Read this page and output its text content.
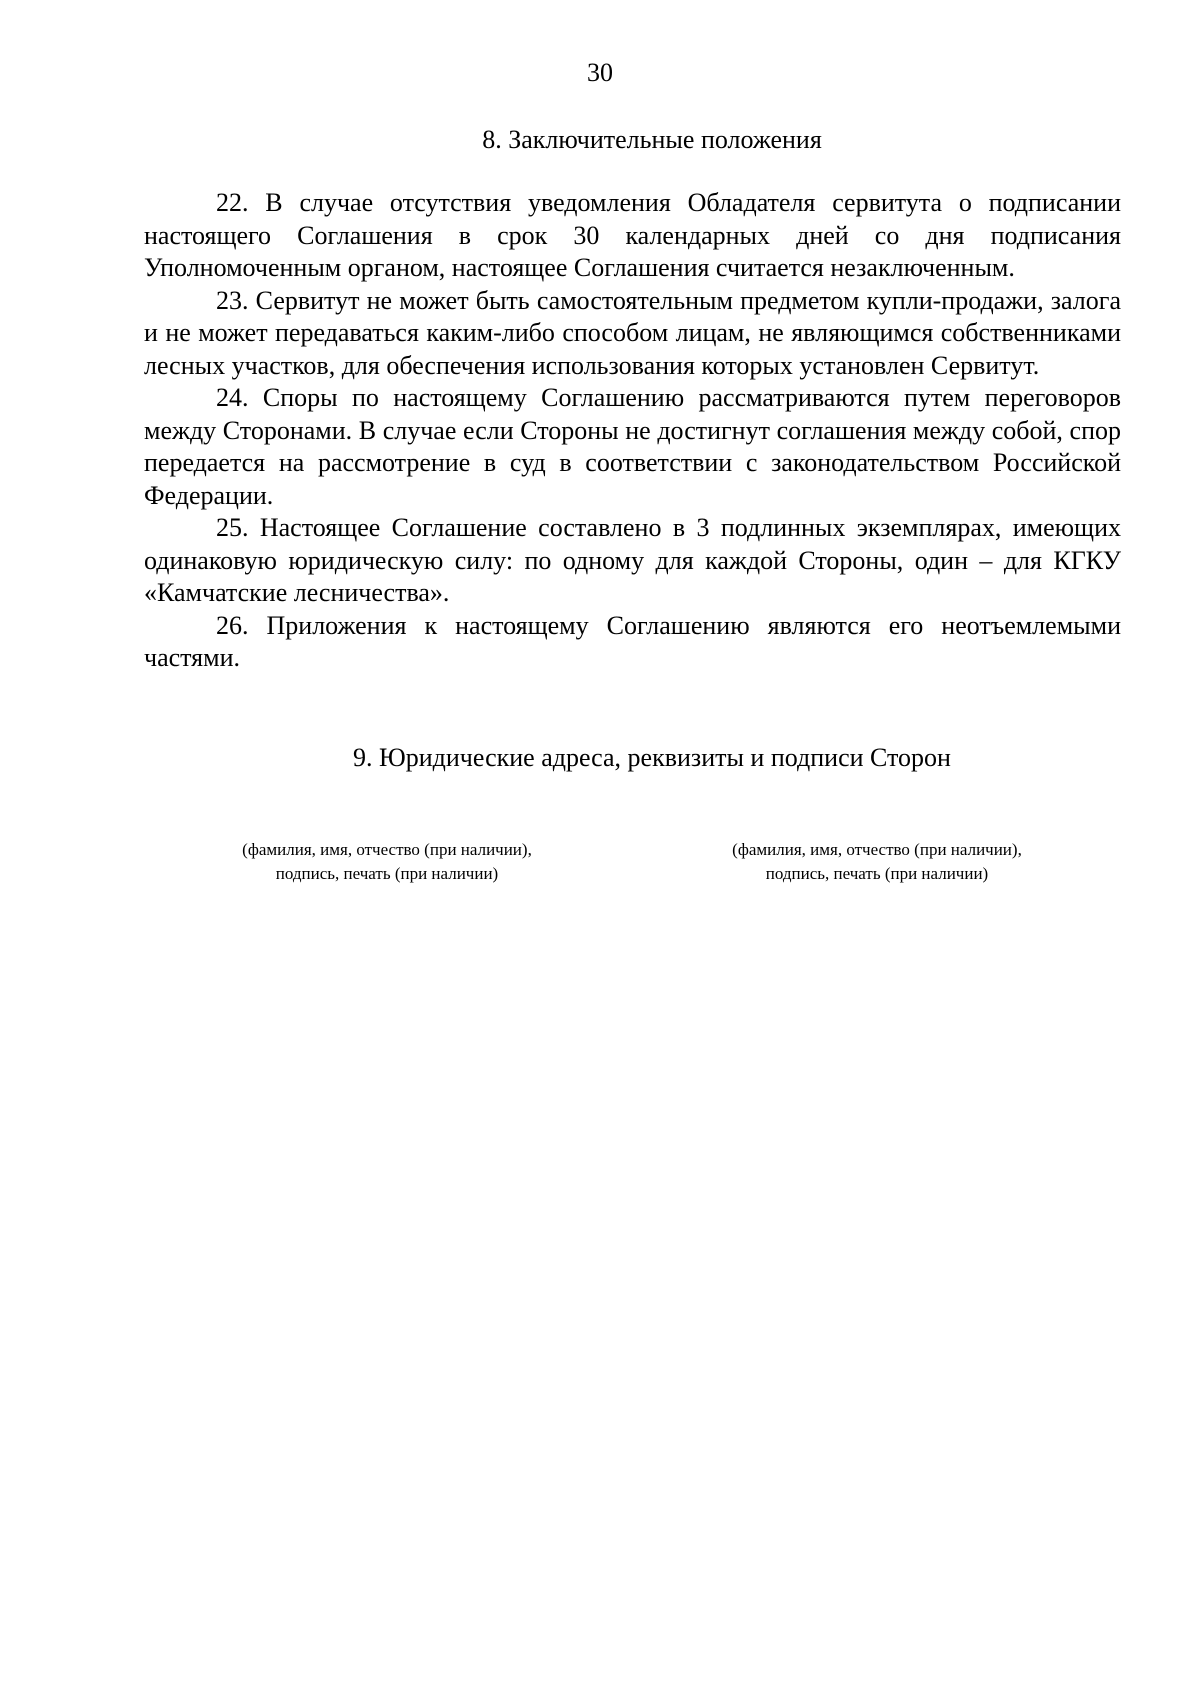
30
8. Заключительные положения

22. В случае отсутствия уведомления Обладателя сервитута о подписании настоящего Соглашения в срок 30 календарных дней со дня подписания Уполномоченным органом, настоящее Соглашения считается незаключенным.

23. Сервитут не может быть самостоятельным предметом купли-продажи, залога и не может передаваться каким-либо способом лицам, не являющимся собственниками лесных участков, для обеспечения использования которых установлен Сервитут.

24. Споры по настоящему Соглашению рассматриваются путем переговоров между Сторонами. В случае если Стороны не достигнут соглашения между собой, спор передается на рассмотрение в суд в соответствии с законодательством Российской Федерации.

25. Настоящее Соглашение составлено в 3 подлинных экземплярах, имеющих одинаковую юридическую силу: по одному для каждой Стороны, один – для КГКУ «Камчатские лесничества».

26. Приложения к настоящему Соглашению являются его неотъемлемыми частями.

9. Юридические адреса, реквизиты и подписи Сторон
(фамилия, имя, отчество (при наличии),
подпись, печать (при наличии)
(фамилия, имя, отчество (при наличии),
подпись, печать (при наличии)
